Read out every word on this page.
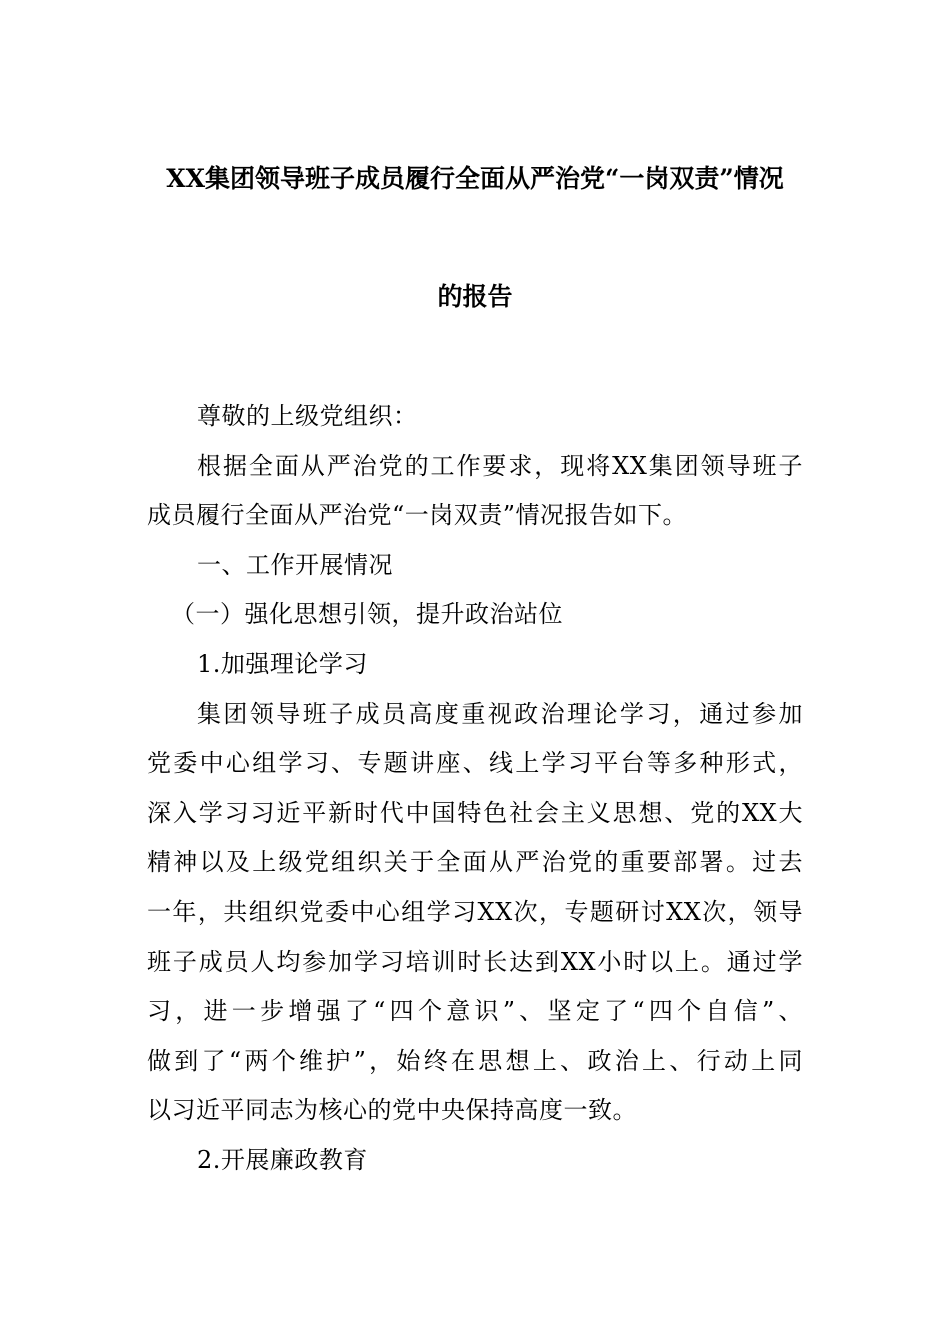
XX集团领导班子成员履行全面从严治党“一岗双责”情况
的报告
尊敬的上级党组织：
根据全面从严治党的工作要求，现将XX集团领导班子
成员履行全面从严治党“一岗双责”情况报告如下。
一、工作开展情况
（一）强化思想引领，提升政治站位
1.加强理论学习
集团领导班子成员高度重视政治理论学习，通过参加
党委中心组学习、专题讲座、线上学习平台等多种形式，
深入学习习近平新时代中国特色社会主义思想、党的XX大
精神以及上级党组织关于全面从严治党的重要部署。过去
一年，共组织党委中心组学习XX次，专题研讨XX次，领导
班子成员人均参加学习培训时长达到XX小时以上。通过学
习，进一步增强了“四个意识”、坚定了“四个自信”、
做到了“两个维护”，始终在思想上、政治上、行动上同
以习近平同志为核心的党中央保持高度一致。
2.开展廉政教育
